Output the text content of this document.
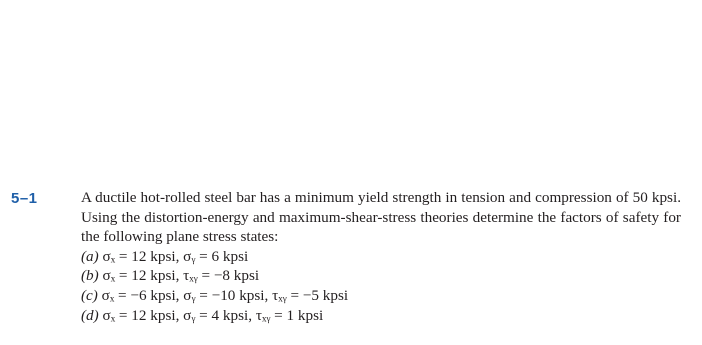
5–1	A ductile hot-rolled steel bar has a minimum yield strength in tension and compression of 50 kpsi. Using the distortion-energy and maximum-shear-stress theories determine the factors of safety for the following plane stress states:

(a) σₓ = 12 kpsi, σᵧ = 6 kpsi
(b) σₓ = 12 kpsi, τₓᵧ = −8 kpsi
(c) σₓ = −6 kpsi, σᵧ = −10 kpsi, τₓᵧ = −5 kpsi
(d) σₓ = 12 kpsi, σᵧ = 4 kpsi, τₓᵧ = 1 kpsi
